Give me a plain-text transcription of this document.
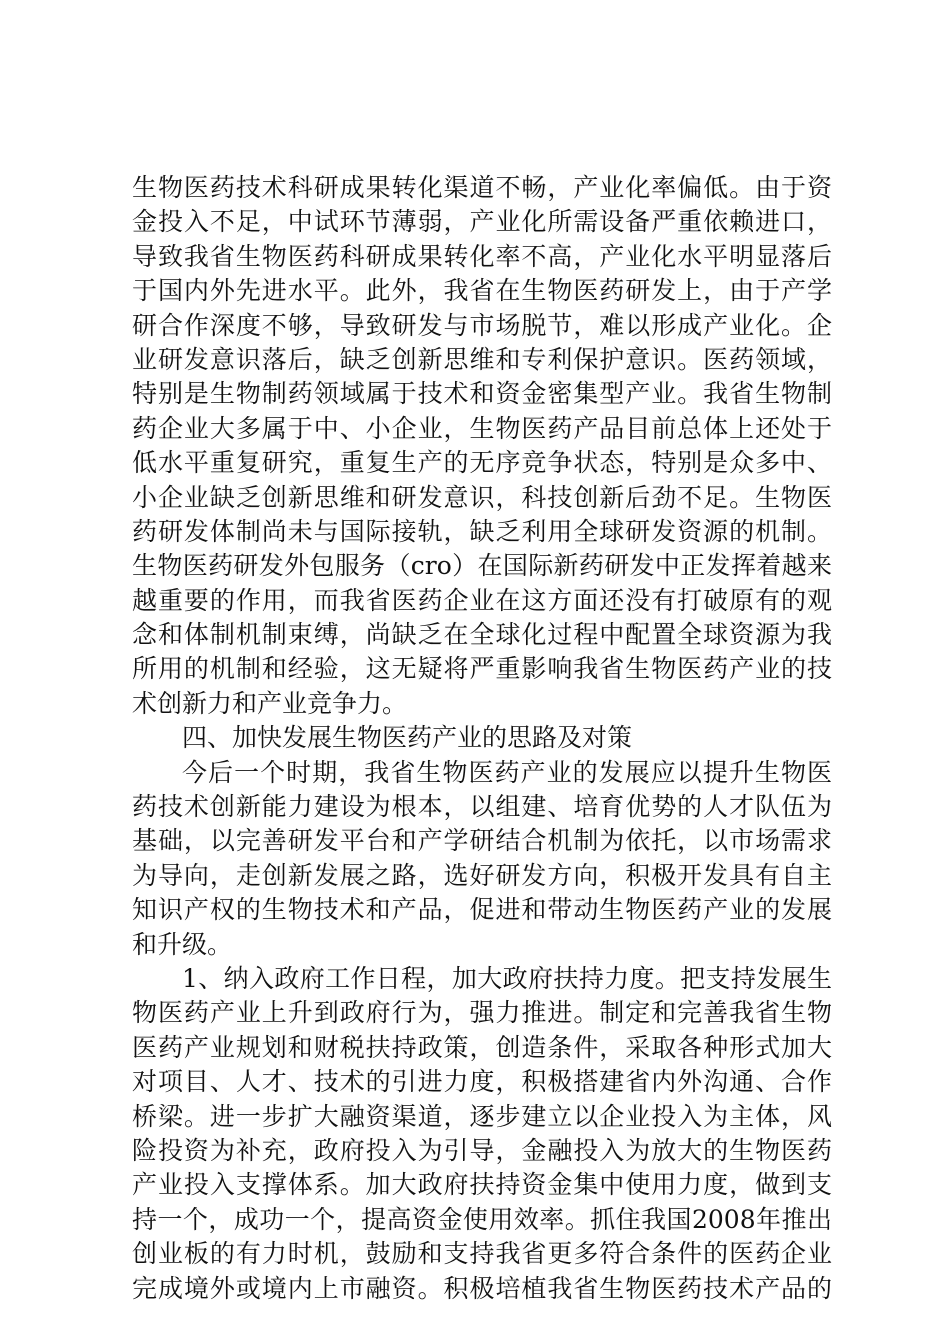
生物医药技术科研成果转化渠道不畅，产业化率偏低。由于资
金投入不足，中试环节薄弱，产业化所需设备严重依赖进口，
导致我省生物医药科研成果转化率不高，产业化水平明显落后
于国内外先进水平。此外，我省在生物医药研发上，由于产学
研合作深度不够，导致研发与市场脱节，难以形成产业化。企
业研发意识落后，缺乏创新思维和专利保护意识。医药领域，
特别是生物制药领域属于技术和资金密集型产业。我省生物制
药企业大多属于中、小企业，生物医药产品目前总体上还处于
低水平重复研究，重复生产的无序竞争状态，特别是众多中、
小企业缺乏创新思维和研发意识，科技创新后劲不足。生物医
药研发体制尚未与国际接轨，缺乏利用全球研发资源的机制。
生物医药研发外包服务（cro）在国际新药研发中正发挥着越来
越重要的作用，而我省医药企业在这方面还没有打破原有的观
念和体制机制束缚，尚缺乏在全球化过程中配置全球资源为我
所用的机制和经验，这无疑将严重影响我省生物医药产业的技
术创新力和产业竞争力。
四、加快发展生物医药产业的思路及对策
今后一个时期，我省生物医药产业的发展应以提升生物医
药技术创新能力建设为根本，以组建、培育优势的人才队伍为
基础，以完善研发平台和产学研结合机制为依托，以市场需求
为导向，走创新发展之路，选好研发方向，积极开发具有自主
知识产权的生物技术和产品，促进和带动生物医药产业的发展
和升级。
1、纳入政府工作日程，加大政府扶持力度。把支持发展生
物医药产业上升到政府行为，强力推进。制定和完善我省生物
医药产业规划和财税扶持政策，创造条件，采取各种形式加大
对项目、人才、技术的引进力度，积极搭建省内外沟通、合作
桥梁。进一步扩大融资渠道，逐步建立以企业投入为主体，风
险投资为补充，政府投入为引导，金融投入为放大的生物医药
产业投入支撑体系。加大政府扶持资金集中使用力度，做到支
持一个，成功一个，提高资金使用效率。抓住我国2008年推出
创业板的有力时机，鼓励和支持我省更多符合条件的医药企业
完成境外或境内上市融资。积极培植我省生物医药技术产品的
